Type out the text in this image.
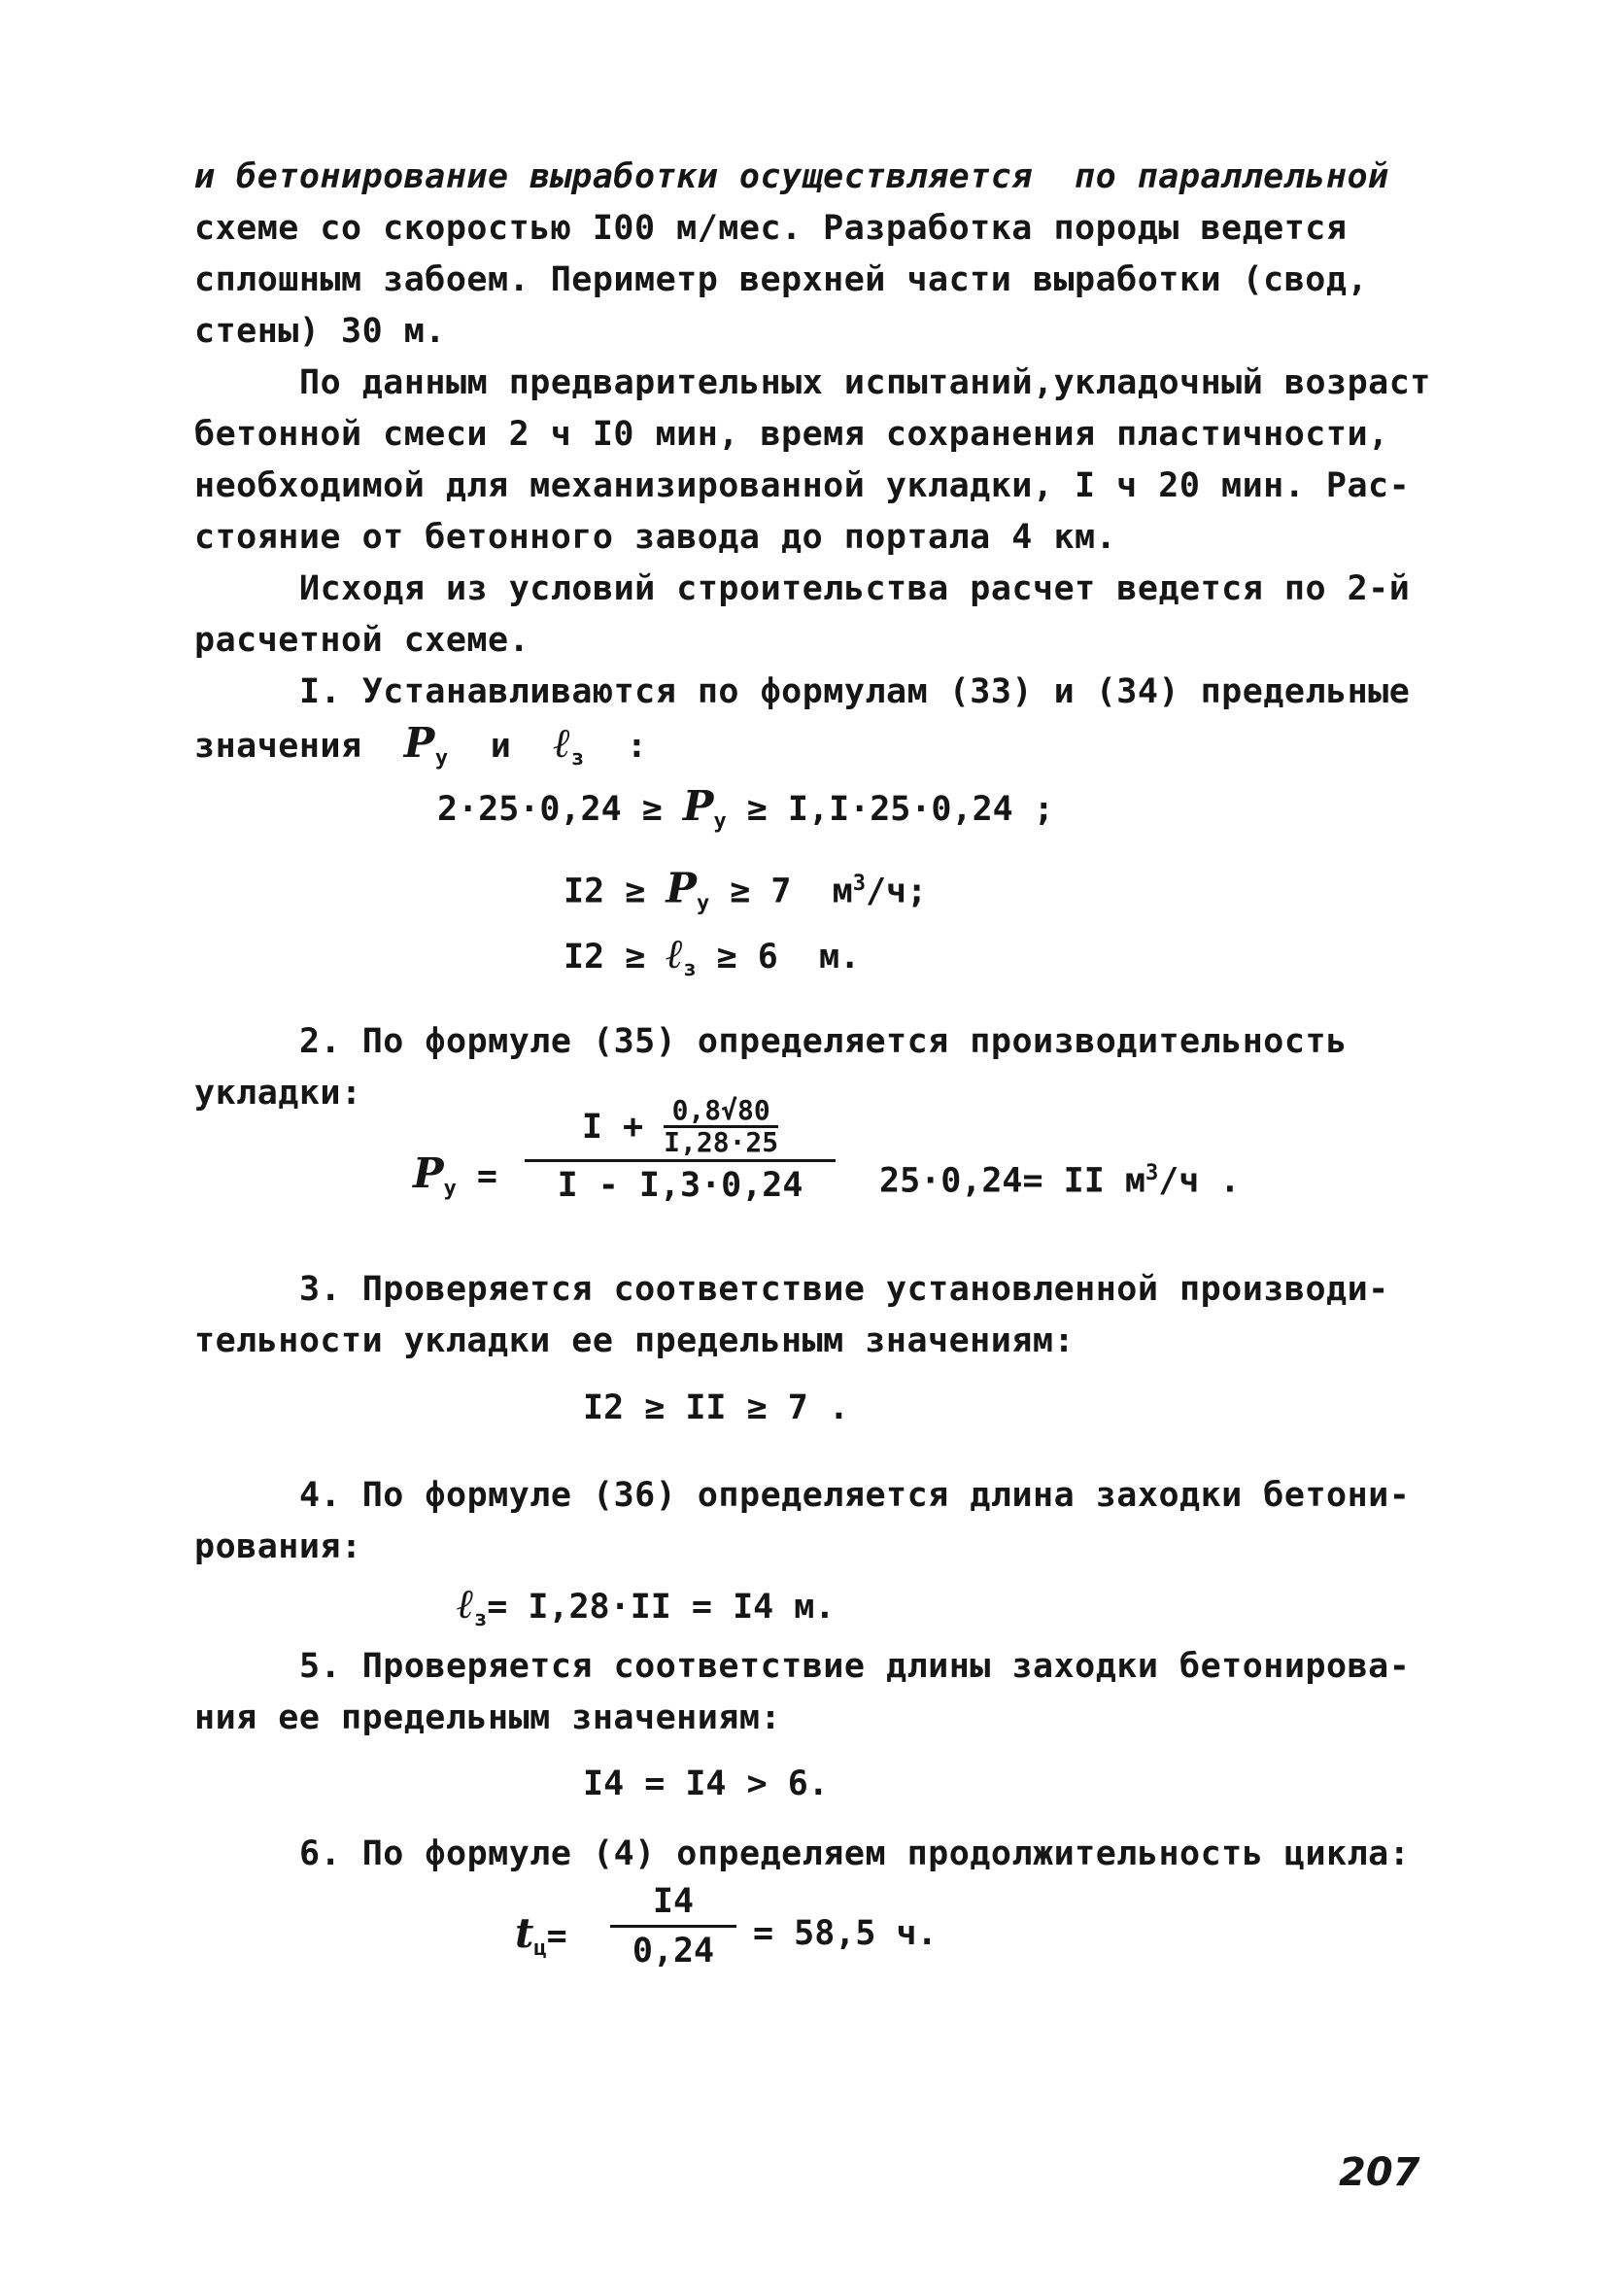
и бетонирование выработки осуществляется  по параллельной
схеме со скоростью I00 м/мес. Разработка породы ведется
сплошным забоем. Периметр верхней части выработки (свод,
стены) 30 м.
По данным предварительных испытаний,укладочный возраст
бетонной смеси 2 ч I0 мин, время сохранения пластичности,
необходимой для механизированной укладки, I ч 20 мин. Рас-
стояние от бетонного завода до портала 4 км.
Исходя из условий строительства расчет ведется по 2-й
расчетной схеме.
I. Устанавливаются по формулам (33) и (34) предельные
значения $P_у$ и ℓ$_з$ :
$2\cdot 25\cdot 0,24 \ge P_у \ge I,I\cdot 25\cdot 0,24$ ;
$I2 \ge P_у \ge 7$  $м^3/ч$;
I2 ≥ ℓ$_з$ ≥ 6  м.
2. По формуле (35) определяется производительность
укладки:
$P_у$ =
I + 0,8√80
I,28·25
I - I,3·0,24 25·0,24= II $м^3/ч$ .
3. Проверяется соответствие установленной производи-
тельности укладки ее предельным значениям:
I2 ≥ II ≥ 7 .
4. По формуле (36) определяется длина заходки бетони-
рования:
ℓ$_з$= I,28·II = I4 м.
5. Проверяется соответствие длины заходки бетонирова-
ния ее предельным значениям:
I4 = I4 > 6.
6. По формуле (4) определяем продолжительность цикла:
$t_ц=$
I4
0,24 = 58,5 ч.
207
